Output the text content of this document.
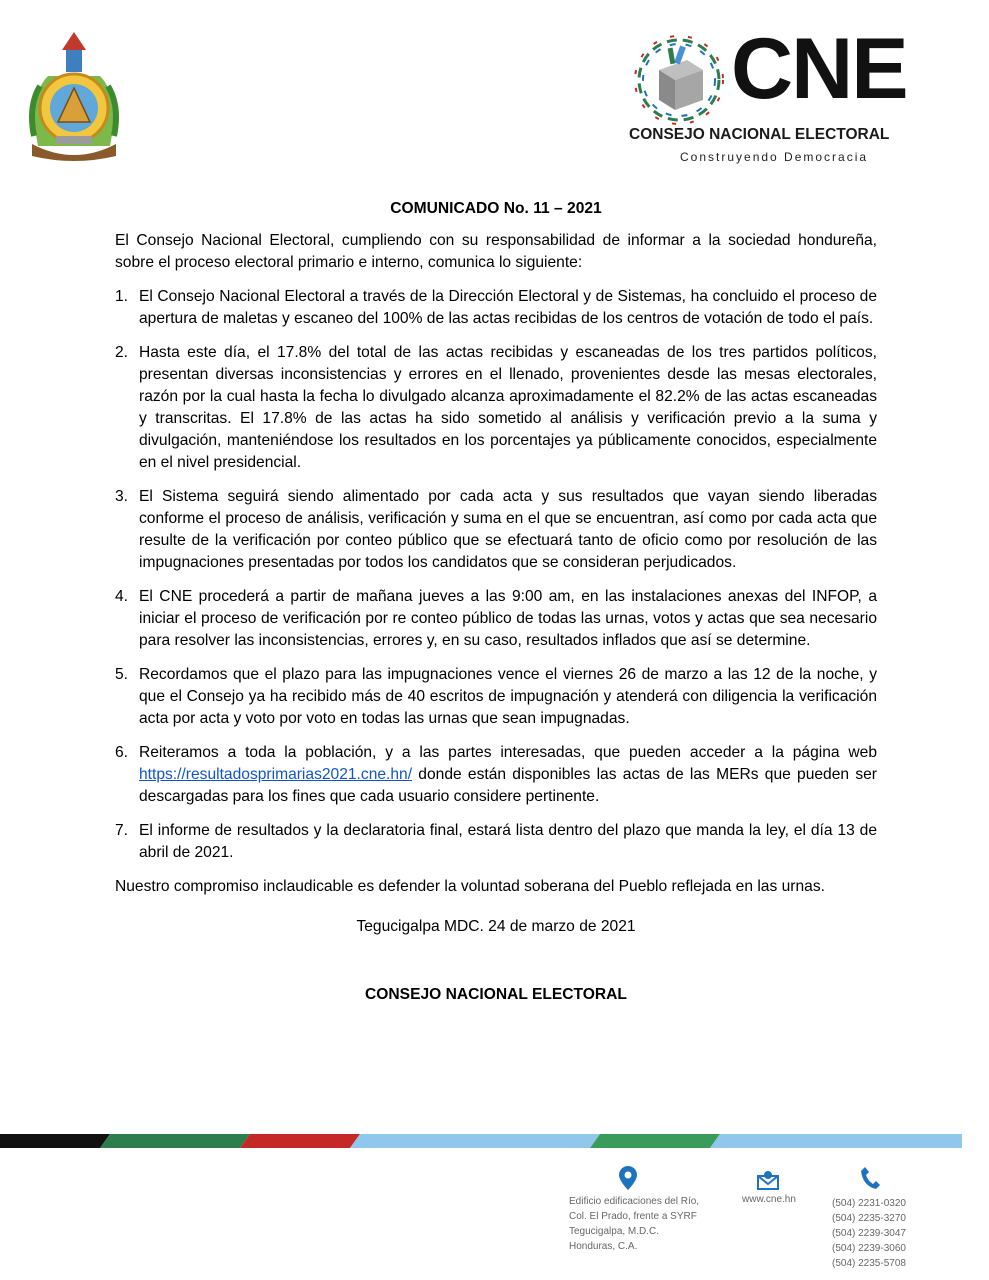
CNE
CONSEJO NACIONAL ELECTORAL
Construyendo Democracia
COMUNICADO No. 11 – 2021

El Consejo Nacional Electoral, cumpliendo con su responsabilidad de informar a la sociedad hondureña, sobre el proceso electoral primario e interno, comunica lo siguiente:

1. El Consejo Nacional Electoral a través de la Dirección Electoral y de Sistemas, ha concluido el proceso de apertura de maletas y escaneo del 100% de las actas recibidas de los centros de votación de todo el país.
2. Hasta este día, el 17.8% del total de las actas recibidas y escaneadas de los tres partidos políticos, presentan diversas inconsistencias y errores en el llenado, provenientes desde las mesas electorales, razón por la cual hasta la fecha lo divulgado alcanza aproximadamente el 82.2% de las actas escaneadas y transcritas. El 17.8% de las actas ha sido sometido al análisis y verificación previo a la suma y divulgación, manteniéndose los resultados en los porcentajes ya públicamente conocidos, especialmente en el nivel presidencial.
3. El Sistema seguirá siendo alimentado por cada acta y sus resultados que vayan siendo liberadas conforme el proceso de análisis, verificación y suma en el que se encuentran, así como por cada acta que resulte de la verificación por conteo público que se efectuará tanto de oficio como por resolución de las impugnaciones presentadas por todos los candidatos que se consideran perjudicados.
4. El CNE procederá a partir de mañana jueves a las 9:00 am, en las instalaciones anexas del INFOP, a iniciar el proceso de verificación por re conteo público de todas las urnas, votos y actas que sea necesario para resolver las inconsistencias, errores y, en su caso, resultados inflados que así se determine.
5. Recordamos que el plazo para las impugnaciones vence el viernes 26 de marzo a las 12 de la noche, y que el Consejo ya ha recibido más de 40 escritos de impugnación y atenderá con diligencia la verificación acta por acta y voto por voto en todas las urnas que sean impugnadas.
6. Reiteramos a toda la población, y a las partes interesadas, que pueden acceder a la página web https://resultadosprimarias2021.cne.hn/ donde están disponibles las actas de las MERs que pueden ser descargadas para los fines que cada usuario considere pertinente.
7. El informe de resultados y la declaratoria final, estará lista dentro del plazo que manda la ley, el día 13 de abril de 2021.

Nuestro compromiso inclaudicable es defender la voluntad soberana del Pueblo reflejada en las urnas.

Tegucigalpa MDC. 24 de marzo de 2021
CONSEJO NACIONAL ELECTORAL
Edificio edificaciones del Río,
Col. El Prado, frente a SYRF
Tegucigalpa, M.D.C.
Honduras, C.A.
www.cne.hn	(504) 2231-0320
(504) 2235-3270
(504) 2239-3047
(504) 2239-3060
(504) 2235-5708
